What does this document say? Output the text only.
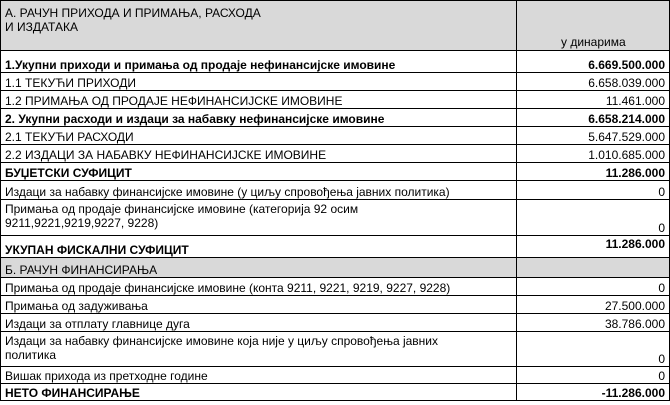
А. РАЧУН ПРИХОДА И ПРИМАЊА, РАСХОДА
И ИЗДАТАКА	у динарима
1.Укупни приходи и примања од продаје нефинансијске имовине	6.669.500.000
1.1 ТЕКУЋИ ПРИХОДИ	6.658.039.000
1.2 ПРИМАЊА ОД ПРОДАЈЕ НЕФИНАНСИЈСКЕ ИМОВИНЕ	11.461.000
2. Укупни расходи и издаци за набавку нефинансијске имовине	6.658.214.000
2.1 ТЕКУЋИ РАСХОДИ	5.647.529.000
2.2 ИЗДАЦИ ЗА НАБАВКУ НЕФИНАНСИЈСКЕ ИМОВИНЕ	1.010.685.000
БУЏЕТСКИ СУФИЦИТ	11.286.000
Издаци за набавку финансијске имовине (у циљу спровођења јавних политика)	0

Примања од продаје финансијске имовине (категорија 92 осим
9211,9221,9219,9227, 9228)	0
УКУПАН ФИСКАЛНИ СУФИЦИТ	11.286.000
Б. РАЧУН ФИНАНСИРАЊА	
Примања од продаје финансијске имовине (конта 9211, 9221, 9219, 9227, 9228)	0
Примања од задуживања	27.500.000
Издаци за отплату главнице дуга	38.786.000

Издаци за набавку финансијске имовине која није у циљу спровођења јавних
политика	0
Вишак прихода из претходне године	0
НЕТО ФИНАНСИРАЊЕ	-11.286.000
